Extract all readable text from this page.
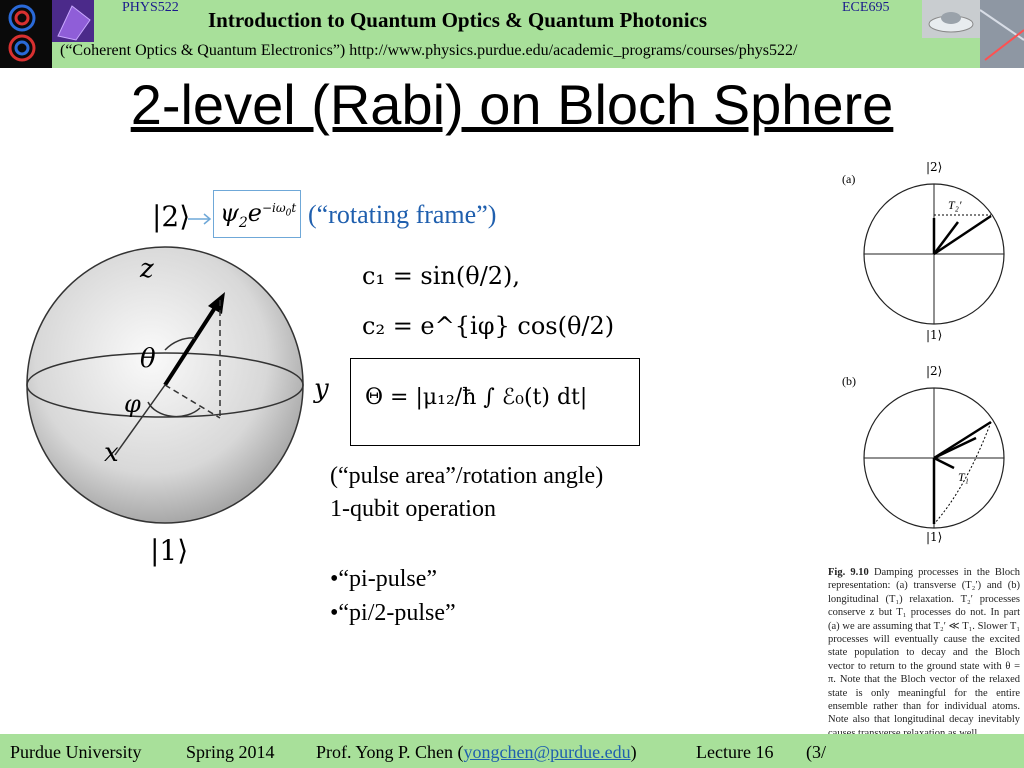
PHYS522	ECE695
Introduction to Quantum Optics & Quantum Photonics
(“Coherent Optics & Quantum Electronics”) http://www.physics.purdue.edu/academic_programs/courses/phys522/
2-level (Rabi) on Bloch Sphere
|2⟩ $\psi_2e^{-i\omega_0t}$ (“rotating frame”)
z
y
x
θ
φ
|1⟩
c₁ = sin(θ/2),
c₂ = e^{iφ} cos(θ/2)
Θ = |μ₁₂/ħ ∫ ℰ₀(t) dt|
(“pulse area”/rotation angle)
1-qubit operation
•“pi-pulse”
•“pi/2-pulse”
(a)
|2⟩
|1⟩
T₂′
(b)
|2⟩
|1⟩
T₁
Fig. 9.10 Damping processes in the Bloch representation: (a) transverse (T₂′) and (b) longitudinal (T₁) relaxation. T₂′ processes conserve z but T₁ processes do not. In part (a) we are assuming that T₂′ ≪ T₁. Slower T₁ processes will eventually cause the excited state population to decay and the Bloch vector to return to the ground state with θ = π. Note that the Bloch vector of the relaxed state is only meaningful for the entire ensemble rather than for individual atoms. Note also that longitudinal decay inevitably
Purdue University Spring 2014 Prof. Yong P. Chen (yongchen@purdue.edu)	Lecture 16 (3/
